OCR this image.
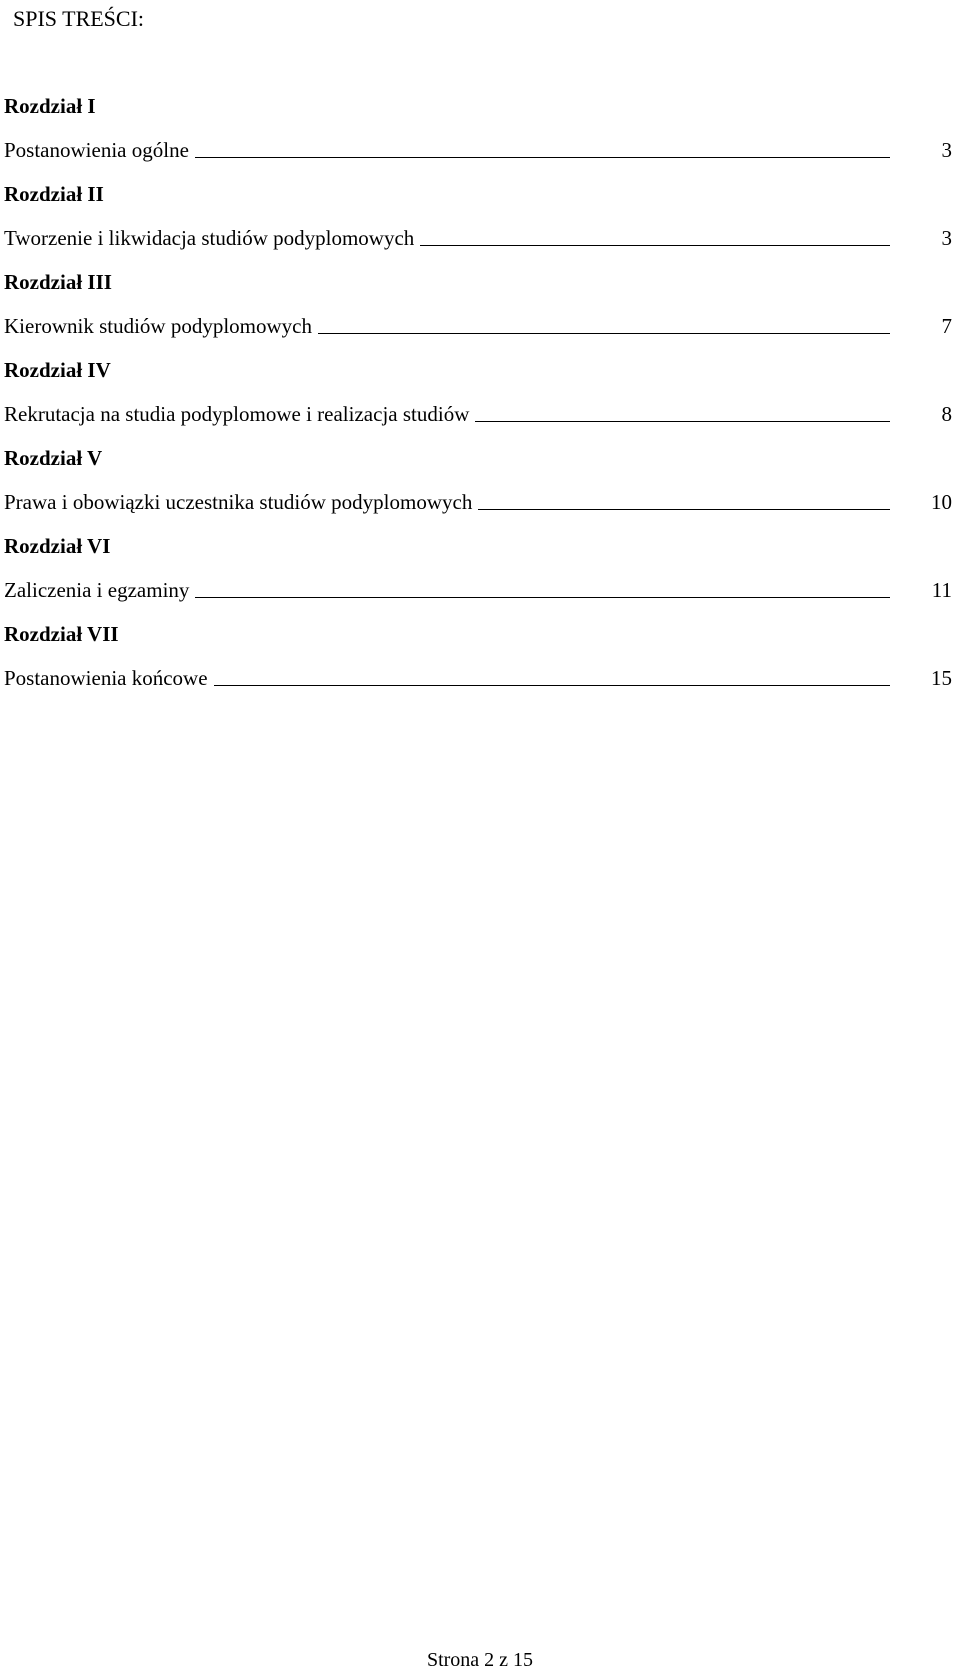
SPIS TREŚCI:
Rozdział I
Postanowienia ogólne	3
Rozdział II
Tworzenie i likwidacja studiów podyplomowych	3
Rozdział III
Kierownik studiów podyplomowych	7
Rozdział IV
Rekrutacja na studia podyplomowe i realizacja studiów	8
Rozdział V
Prawa i obowiązki uczestnika studiów podyplomowych	10
Rozdział VI
Zaliczenia i egzaminy	11
Rozdział VII
Postanowienia końcowe	15
Strona 2 z 15
